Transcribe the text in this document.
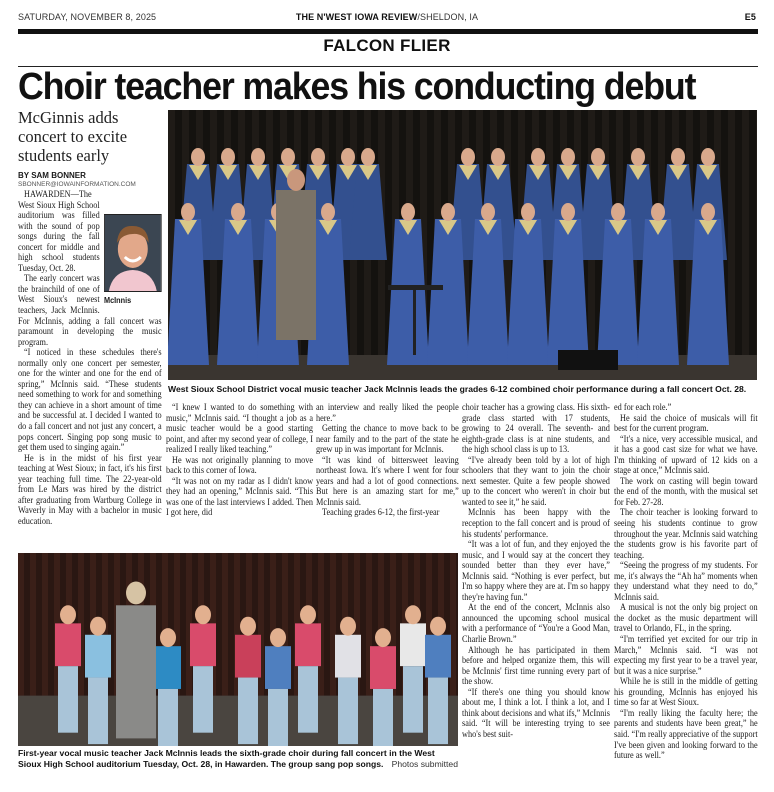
SATURDAY, NOVEMBER 8, 2025	THE N'WEST IOWA REVIEW/SHELDON, IA	E5
FALCON FLIER
Choir teacher makes his conducting debut
McGinnis adds concert to excite students early
BY SAM BONNER
SBONNER@IOWAINFORMATION.COM
McInnis

HAWARDEN—The West Sioux High School auditorium was filled with the sound of pop songs during the fall concert for middle and high school students Tuesday, Oct. 28.

The early concert was the brainchild of one of West Sioux's newest teachers, Jack McInnis. For McInnis, adding a fall concert was paramount in developing the music program.

“I noticed in these schedules there's normally only one concert per semester, one for the winter and one for the end of spring,” McInnis said. “These students need something to work for and something they can achieve in a short amount of time and be successful at. I decided I wanted to do a fall concert and not just any concert, a pops concert. Singing pop song music to get them used to singing again.”

He is in the midst of his first year teaching at West Sioux; in fact, it's his first year teaching full time. The 22-year-old from Le Mars was hired by the district after graduating from Wartburg College in Waverly in May with a bachelor in music education.

West Sioux School District vocal music teacher Jack McInnis leads the grades 6-12 combined choir performance during a fall concert Oct. 28.

“I knew I wanted to do something with music,” McInnis said. “I thought a job as a music teacher would be a good starting point, and after my second year of college, I realized I really liked teaching.”

He was not originally planning to move back to this corner of Iowa.

“It was not on my radar as I didn't know they had an opening,” McInnis said. “This was one of the last interviews I added. Then I got here, did

an interview and really liked the people here.”

Getting the chance to move back to be near family and to the part of the state he grew up in was important for McInnis.

“It was kind of bittersweet leaving northeast Iowa. It's where I went for four years and had a lot of good connections. But here is an amazing start for me,” McInnis said.

Teaching grades 6-12, the first-year

choir teacher has a growing class. His sixth-grade class started with 17 students, growing to 24 overall. The seventh- and eighth-grade class is at nine students, and the high school class is up to 13.

“I've already been told by a lot of high schoolers that they want to join the choir next semester. Quite a few people showed up to the concert who weren't in choir but wanted to see it,” he said.

McInnis has been happy with the reception to the fall concert and is proud of his students' performance.

“It was a lot of fun, and they enjoyed the music, and I would say at the concert they sounded better than they ever have,” McInnis said. “Nothing is ever perfect, but I'm so happy where they are at. I'm so happy they're having fun.”

At the end of the concert, McInnis also announced the upcoming school musical with a performance of “You're a Good Man, Charlie Brown.”

Although he has participated in them before and helped organize them, this will be McInnis' first time running every part of the show.

“If there's one thing you should know about me, I think a lot. I think a lot, and I think about decisions and what ifs,” McInnis said. “It will be interesting trying to see who's best suit-

ed for each role.”

He said the choice of musicals will fit best for the current program.

“It's a nice, very accessible musical, and it has a good cast size for what we have. I'm thinking of upward of 12 kids on a stage at once,” McInnis said.

The work on casting will begin toward the end of the month, with the musical set for Feb. 27-28.

The choir teacher is looking forward to seeing his students continue to grow throughout the year. McInnis said watching the students grow is his favorite part of teaching.

“Seeing the progress of my students. For me, it's always the “Ah ha” moments when they understand what they need to do,” McInnis said.

A musical is not the only big project on the docket as the music department will travel to Orlando, FL, in the spring.

“I'm terrified yet excited for our trip in March,” McInnis said. “I was not expecting my first year to be a travel year, but it was a nice surprise.”

While he is still in the middle of getting his grounding, McInnis has enjoyed his time so far at West Sioux.

“I'm really liking the faculty here; the parents and students have been great,” he said. “I'm really appreciative of the support I've been given and looking forward to the future as well.”

First-year vocal music teacher Jack McInnis leads the sixth-grade choir during fall concert in the West Sioux High School auditorium Tuesday, Oct. 28, in Hawarden. The group sang pop songs. Photos submitted
